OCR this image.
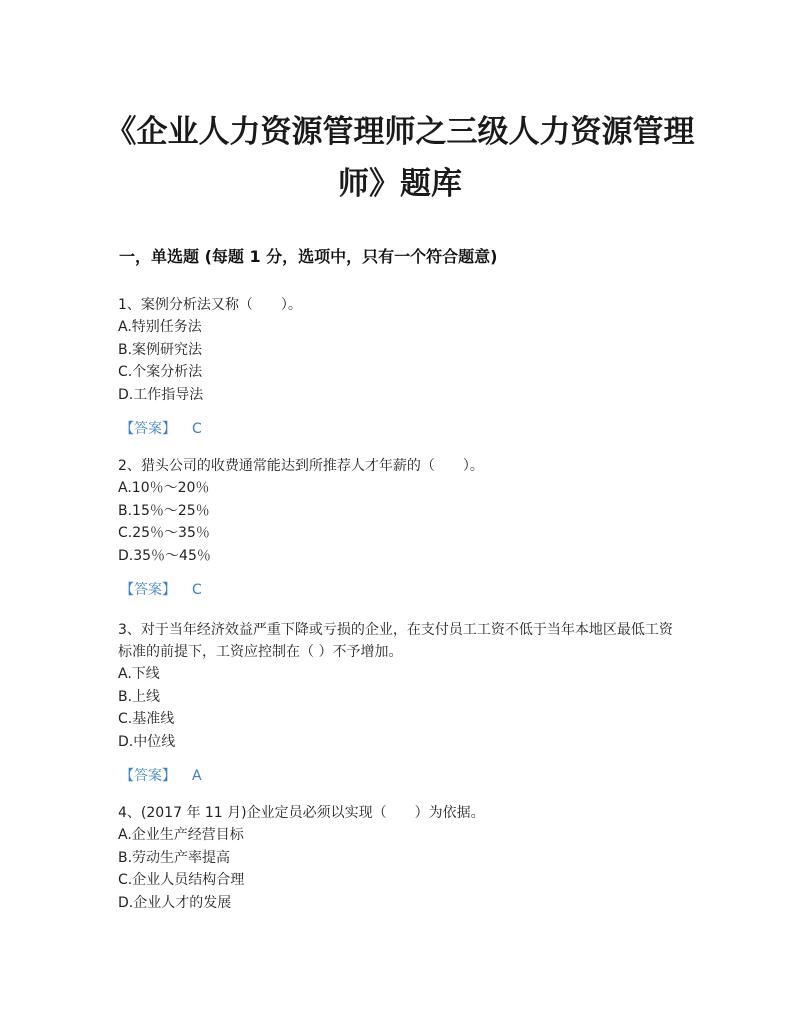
《企业人力资源管理师之三级人力资源管理师》题库
一，单选题 (每题 1 分，选项中，只有一个符合题意)
1、案例分析法又称（　　）。
A.特别任务法
B.案例研究法
C.个案分析法
D.工作指导法
【答案】 C
2、猎头公司的收费通常能达到所推荐人才年薪的（　　）。
A.10％～20％
B.15％～25％
C.25％～35％
D.35％～45％
【答案】 C
3、对于当年经济效益严重下降或亏损的企业，在支付员工工资不低于当年本地区最低工资标准的前提下，工资应控制在（ ）不予增加。
A.下线
B.上线
C.基准线
D.中位线
【答案】 A
4、(2017 年 11 月)企业定员必须以实现（　　）为依据。
A.企业生产经营目标
B.劳动生产率提高
C.企业人员结构合理
D.企业人才的发展
